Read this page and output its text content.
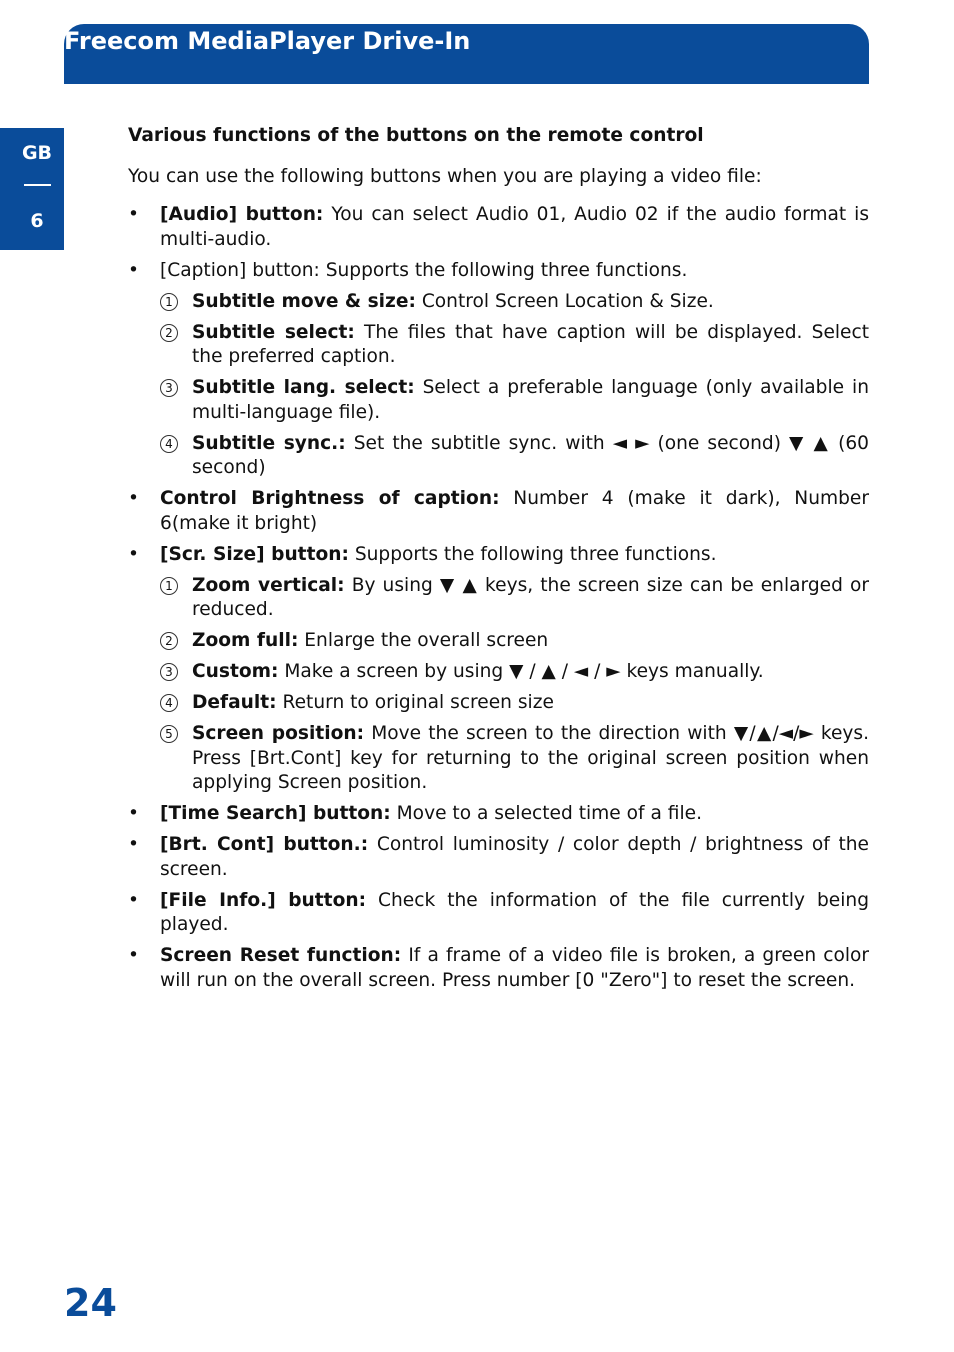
Freecom MediaPlayer Drive-In
GB
6

Various functions of the buttons on the remote control

You can use the following buttons when you are playing a video file:

• [Audio] button: You can select Audio 01, Audio 02 if the audio format is multi-audio.
• [Caption] button: Supports the following three functions.
1 Subtitle move & size: Control Screen Location & Size.
2 Subtitle select: The files that have caption will be displayed. Select the preferred caption.
3 Subtitle lang. select: Select a preferable language (only available in multi-language file).
4 Subtitle sync.: Set the subtitle sync. with ◄ ► (one second) ▼ ▲ (60 second)
• Control Brightness of caption: Number 4 (make it dark), Number 6(make it bright)
• [Scr. Size] button: Supports the following three functions.
1 Zoom vertical: By using ▼ ▲ keys, the screen size can be enlarged or reduced.
2 Zoom full: Enlarge the overall screen
3 Custom: Make a screen by using ▼ / ▲ / ◄ / ► keys manually.
4 Default: Return to original screen size
5 Screen position: Move the screen to the direction with ▼/▲/◄/► keys. Press [Brt.Cont] key for returning to the original screen position when applying Screen position.
• [Time Search] button: Move to a selected time of a file.
• [Brt. Cont] button.: Control luminosity / color depth / brightness of the screen.
• [File Info.] button: Check the information of the file currently being played.
• Screen Reset function: If a frame of a video file is broken, a green color will run on the overall screen. Press number [0 "Zero"] to reset the screen.
24
